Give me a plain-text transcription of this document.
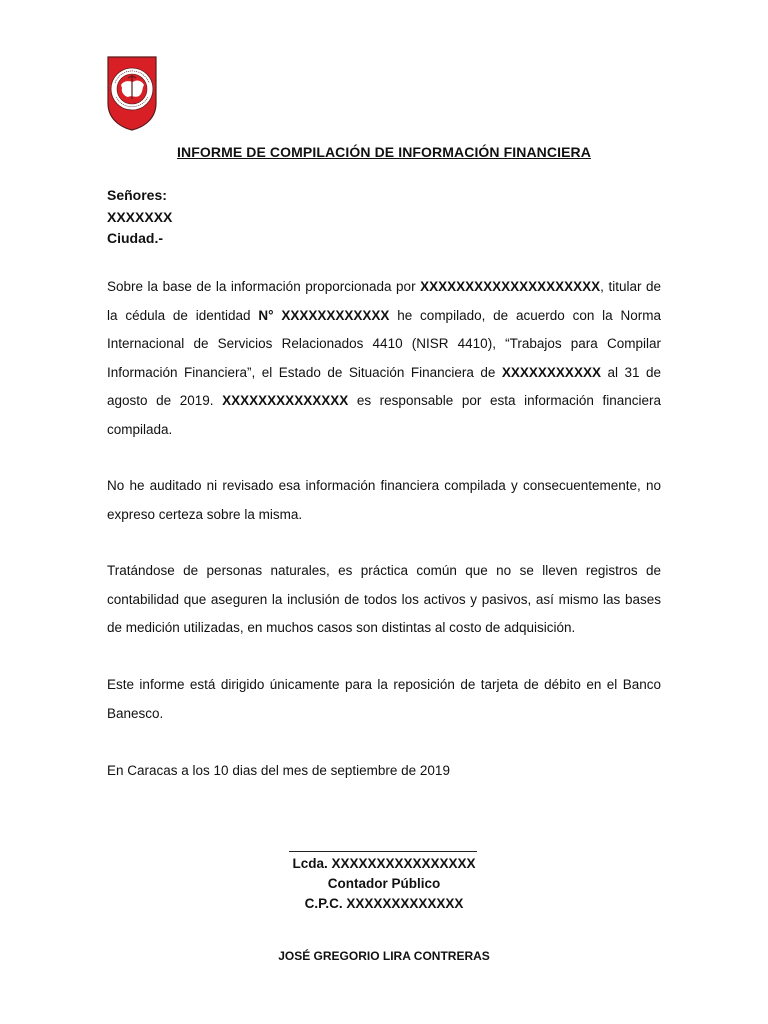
INFORME DE COMPILACIÓN DE INFORMACIÓN FINANCIERA
Señores:
XXXXXXX
Ciudad.-

Sobre la base de la información proporcionada por XXXXXXXXXXXXXXXXXXXX, titular de la cédula de identidad N° XXXXXXXXXXXX he compilado, de acuerdo con la Norma Internacional de Servicios Relacionados 4410 (NISR 4410), “Trabajos para Compilar Información Financiera”, el Estado de Situación Financiera de XXXXXXXXXXX al 31 de agosto de 2019. XXXXXXXXXXXXXX es responsable por esta información financiera compilada.

No he auditado ni revisado esa información financiera compilada y consecuentemente, no expreso certeza sobre la misma.

Tratándose de personas naturales, es práctica común que no se lleven registros de contabilidad que aseguren la inclusión de todos los activos y pasivos, así mismo las bases de medición utilizadas, en muchos casos son distintas al costo de adquisición.

Este informe está dirigido únicamente para la reposición de tarjeta de débito en el Banco Banesco.

En Caracas a los 10 dias del mes de septiembre de 2019

Lcda. XXXXXXXXXXXXXXXX
Contador Público
C.P.C. XXXXXXXXXXXXX
JOSÉ GREGORIO LIRA CONTRERAS
